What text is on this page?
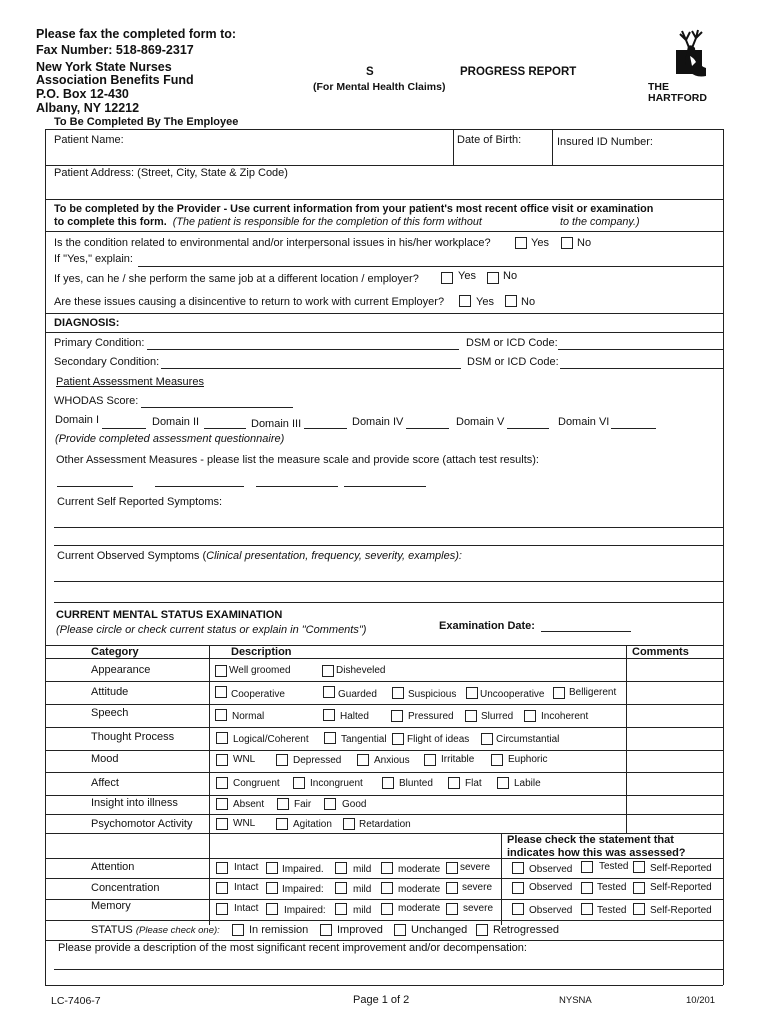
Please fax the completed form to:
Fax Number: 518-869-2317
New York State Nurses
Association Benefits Fund
P.O. Box 12-430
Albany, NY 12212
S	PROGRESS REPORT
(For Mental Health Claims)	THE
HARTFORD
To Be Completed By The Employee
Patient Name:	Date of Birth:	Insured ID Number:
Patient Address: (Street, City, State & Zip Code)
To be completed by the Provider - Use current information from your patient's most recent office visit or examination
to complete this form. (The patient is responsible for the completion of this form without	to the company.)
Is the condition related to environmental and/or interpersonal issues in his/her workplace?	Yes	No
If "Yes," explain:
If yes, can he / she perform the same job at a different location / employer?	Yes No
Are these issues causing a disincentive to return to work with current Employer?	Yes No
DIAGNOSIS:
Primary Condition:	DSM or ICD Code:
Secondary Condition:	DSM or ICD Code:
Patient Assessment Measures
WHODAS Score:
Domain I	Domain II	Domain III	Domain IV	Domain V	Domain VI
(Provide completed assessment questionnaire)
Other Assessment Measures - please list the measure scale and provide score (attach test results):
Current Self Reported Symptoms:
Current Observed Symptoms (Clinical presentation, frequency, severity, examples):
CURRENT MENTAL STATUS EXAMINATION
(Please circle or check current status or explain in "Comments")	Examination Date:
Category	Description	Comments
Appearance	Well groomed	Disheveled
Attitude	Cooperative	Guarded	Suspicious Uncooperative Belligerent
Speech	Normal	Halted	Pressured	Slurred	Incoherent
Thought Process	Logical/Coherent	Tangential Flight of ideas	Circumstantial
Mood	WNL	Depressed	Anxious	Irritable	Euphoric
Affect	Congruent	Incongruent	Blunted	Flat	Labile
Insight into illness	Absent	Fair	Good
Psychomotor Activity	WNL	Agitation	Retardation
Please check the statement that
indicates how this was assessed?
Attention	Intact Impaired.	mild	moderate severe	Observed	Tested Self-Reported
Concentration	Intact Impaired:	mild	moderate severe	Observed Tested Self-Reported
Memory	Intact	Impaired:	mild	moderate severe	Observed Tested Self-Reported
STATUS (Please check one):	In remission	Improved	Unchanged Retrogressed
Please provide a description of the most significant recent improvement and/or decompensation:
LC-7406-7	Page 1 of 2	NYSNA	10/201
